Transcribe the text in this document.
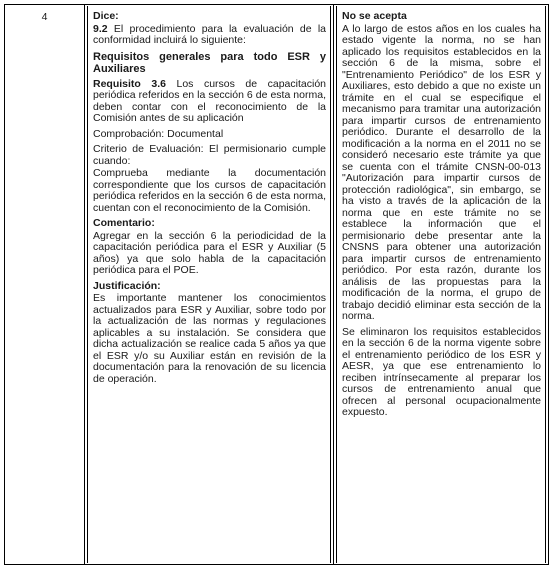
4	Dice:

9.2 El procedimiento para la evaluación de la conformidad incluirá lo siguiente:

Requisitos generales para todo ESR y Auxiliares

Requisito 3.6 Los cursos de capacitación periódica referidos en la sección 6 de esta norma, deben contar con el reconocimiento de la Comisión antes de su aplicación

Comprobación: Documental

Criterio de Evaluación: El permisionario cumple cuando:

Comprueba mediante la documentación correspondiente que los cursos de capacitación periódica referidos en la sección 6 de esta norma, cuentan con el reconocimiento de la Comisión.

Comentario:

Agregar en la sección 6 la periodicidad de la capacitación periódica para el ESR y Auxiliar (5 años) ya que solo habla de la capacitación periódica para el POE.

Justificación:

Es importante mantener los conocimientos actualizados para ESR y Auxiliar, sobre todo por la actualización de las normas y regulaciones aplicables a su instalación. Se considera que dicha actualización se realice cada 5 años ya que el ESR y/o su Auxiliar están en revisión de la documentación para la renovación de su licencia de operación.

No se acepta

A lo largo de estos años en los cuales ha estado vigente la norma, no se han aplicado los requisitos establecidos en la sección 6 de la misma, sobre el "Entrenamiento Periódico" de los ESR y Auxiliares, esto debido a que no existe un trámite en el cual se especifique el mecanismo para tramitar una autorización para impartir cursos de entrenamiento periódico. Durante el desarrollo de la modificación a la norma en el 2011 no se consideró necesario este trámite ya que se cuenta con el trámite CNSN-00-013 "Autorización para impartir cursos de protección radiológica", sin embargo, se ha visto a través de la aplicación de la norma que en este trámite no se establece la información que el permisionario debe presentar ante la CNSNS para obtener una autorización para impartir cursos de entrenamiento periódico. Por esta razón, durante los análisis de las propuestas para la modificación de la norma, el grupo de trabajo decidió eliminar esta sección de la norma.

Se eliminaron los requisitos establecidos en la sección 6 de la norma vigente sobre el entrenamiento periódico de los ESR y AESR, ya que ese entrenamiento lo reciben intrínsecamente al preparar los cursos de entrenamiento anual que ofrecen al personal ocupacionalmente expuesto.
